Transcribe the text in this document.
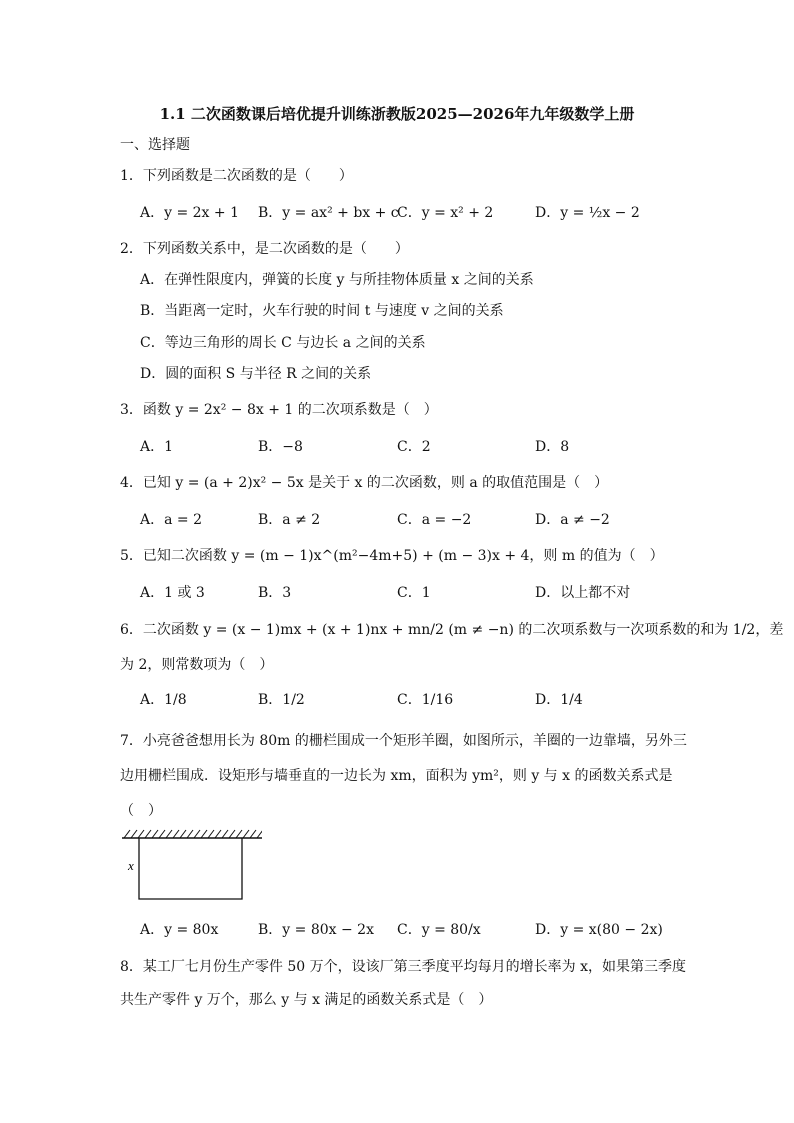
1.1 二次函数课后培优提升训练浙教版2025—2026年九年级数学上册
一、选择题
1．下列函数是二次函数的是（　　）
A．y = 2x + 1 B．y = ax² + bx + c
C．y = x² + 2	D．y = ½x − 2
2．下列函数关系中，是二次函数的是（　　）
A．在弹性限度内，弹簧的长度 y 与所挂物体质量 x 之间的关系
B．当距离一定时，火车行驶的时间 t 与速度 v 之间的关系
C．等边三角形的周长 C 与边长 a 之间的关系
D．圆的面积 S 与半径 R 之间的关系
3．函数 y = 2x² − 8x + 1 的二次项系数是（　）
A．1	B．−8	C．2	D．8
4．已知 y = (a + 2)x² − 5x 是关于 x 的二次函数，则 a 的取值范围是（　）
A．a = 2	B．a ≠ 2	C．a = −2	D．a ≠ −2
5．已知二次函数 y = (m − 1)x^(m²−4m+5) + (m − 3)x + 4，则 m 的值为（　）
A．1 或 3	B．3	C．1	D．以上都不对
6．二次函数 y = (x − 1)mx + (x + 1)nx + mn/2 (m ≠ −n) 的二次项系数与一次项系数的和为 1/2，差
为 2，则常数项为（　）
A．1/8	B．1/2	C．1/16	D．1/4
7．小亮爸爸想用长为 80m 的栅栏围成一个矩形羊圈，如图所示，羊圈的一边靠墙，另外三
边用栅栏围成．设矩形与墙垂直的一边长为 xm，面积为 ym²，则 y 与 x 的函数关系式是
（　）
x
A．y = 80x	B．y = 80x − 2x C．y = 80/x	D．y = x(80 − 2x)
8．某工厂七月份生产零件 50 万个，设该厂第三季度平均每月的增长率为 x，如果第三季度
共生产零件 y 万个，那么 y 与 x 满足的函数关系式是（　）
